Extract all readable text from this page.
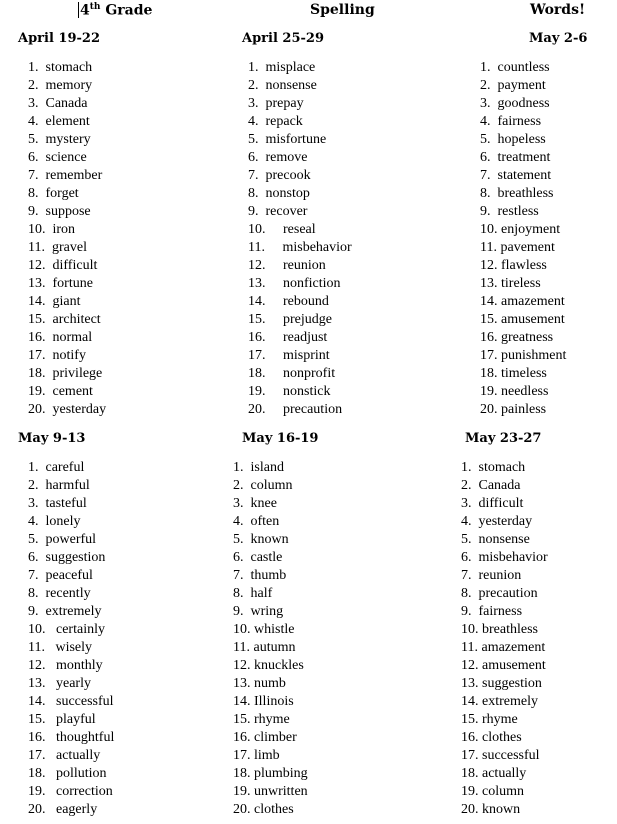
4th Grade	Spelling	Words!
April 19-22
1.  stomach
2.  memory
3.  Canada
4.  element
5.  mystery
6.  science
7.  remember
8.  forget
9.  suppose
10.  iron
11.  gravel
12.  difficult
13.  fortune
14.  giant
15.  architect
16.  normal
17.  notify
18.  privilege
19.  cement
20.  yesterday
April 25-29
1.  misplace
2.  nonsense
3.  prepay
4.  repack
5.  misfortune
6.  remove
7.  precook
8.  nonstop
9.  recover
10.     reseal
11.     misbehavior
12.     reunion
13.     nonfiction
14.     rebound
15.     prejudge
16.     readjust
17.     misprint
18.     nonprofit
19.     nonstick
20.     precaution
May 2-6
1.  countless
2.  payment
3.  goodness
4.  fairness
5.  hopeless
6.  treatment
7.  statement
8.  breathless
9.  restless
10. enjoyment
11. pavement
12. flawless
13. tireless
14. amazement
15. amusement
16. greatness
17. punishment
18. timeless
19. needless
20. painless
May 9-13
1.  careful
2.  harmful
3.  tasteful
4.  lonely
5.  powerful
6.  suggestion
7.  peaceful
8.  recently
9.  extremely
10.   certainly
11.   wisely
12.   monthly
13.   yearly
14.   successful
15.   playful
16.   thoughtful
17.   actually
18.   pollution
19.   correction
20.   eagerly
May 16-19
1.  island
2.  column
3.  knee
4.  often
5.  known
6.  castle
7.  thumb
8.  half
9.  wring
10. whistle
11. autumn
12. knuckles
13. numb
14. Illinois
15. rhyme
16. climber
17. limb
18. plumbing
19. unwritten
20. clothes
May 23-27
1.  stomach
2.  Canada
3.  difficult
4.  yesterday
5.  nonsense
6.  misbehavior
7.  reunion
8.  precaution
9.  fairness
10. breathless
11. amazement
12. amusement
13. suggestion
14. extremely
15. rhyme
16. clothes
17. successful
18. actually
19. column
20. known
